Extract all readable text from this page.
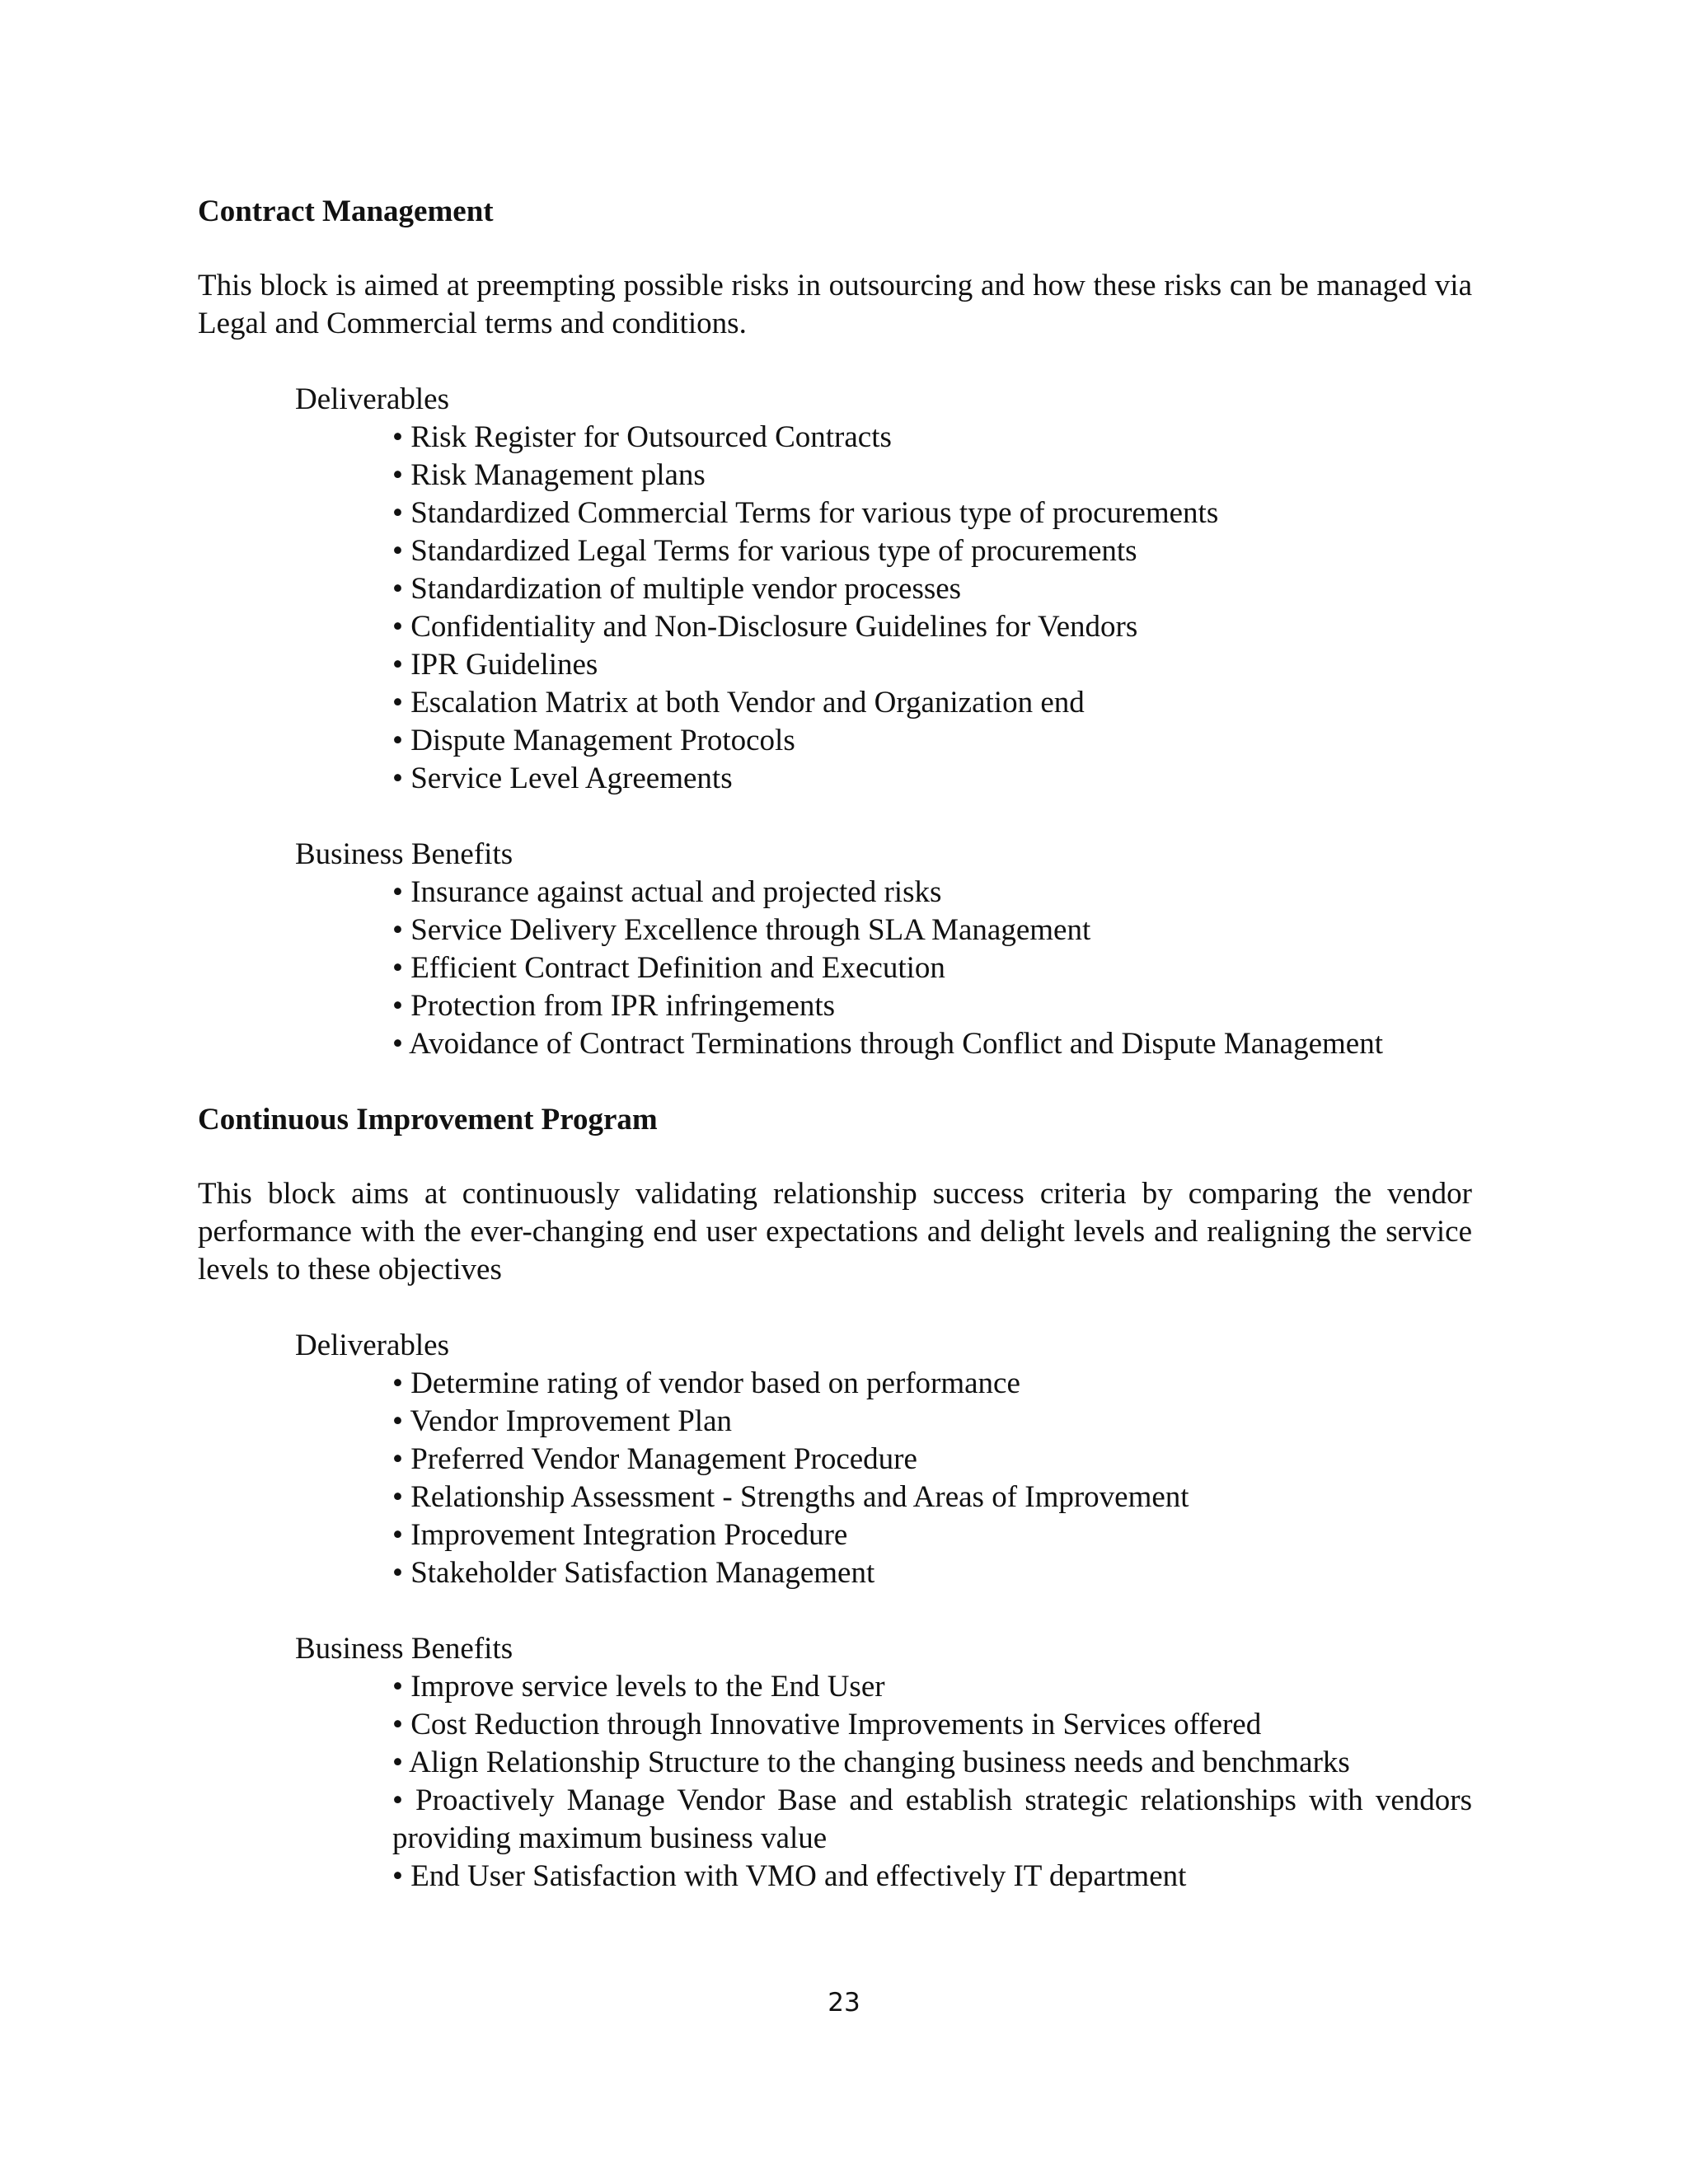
Contract Management

This block is aimed at preempting possible risks in outsourcing and how these risks can be managed via Legal and Commercial terms and conditions.

Deliverables

• Risk Register for Outsourced Contracts
• Risk Management plans
• Standardized Commercial Terms for various type of procurements
• Standardized Legal Terms for various type of procurements
• Standardization of multiple vendor processes
• Confidentiality and Non-Disclosure Guidelines for Vendors
• IPR Guidelines
• Escalation Matrix at both Vendor and Organization end
• Dispute Management Protocols
• Service Level Agreements

Business Benefits

• Insurance against actual and projected risks
• Service Delivery Excellence through SLA Management
• Efficient Contract Definition and Execution
• Protection from IPR infringements
• Avoidance of Contract Terminations through Conflict and Dispute Management

Continuous Improvement Program

This block aims at continuously validating relationship success criteria by comparing the vendor performance with the ever-changing end user expectations and delight levels and realigning the service levels to these objectives

Deliverables

• Determine rating of vendor based on performance
• Vendor Improvement Plan
• Preferred Vendor Management Procedure
• Relationship Assessment - Strengths and Areas of Improvement
• Improvement Integration Procedure
• Stakeholder Satisfaction Management

Business Benefits

• Improve service levels to the End User
• Cost Reduction through Innovative Improvements in Services offered
• Align Relationship Structure to the changing business needs and benchmarks
• Proactively Manage Vendor Base and establish strategic relationships with vendors providing maximum business value
• End User Satisfaction with VMO and effectively IT department
23
